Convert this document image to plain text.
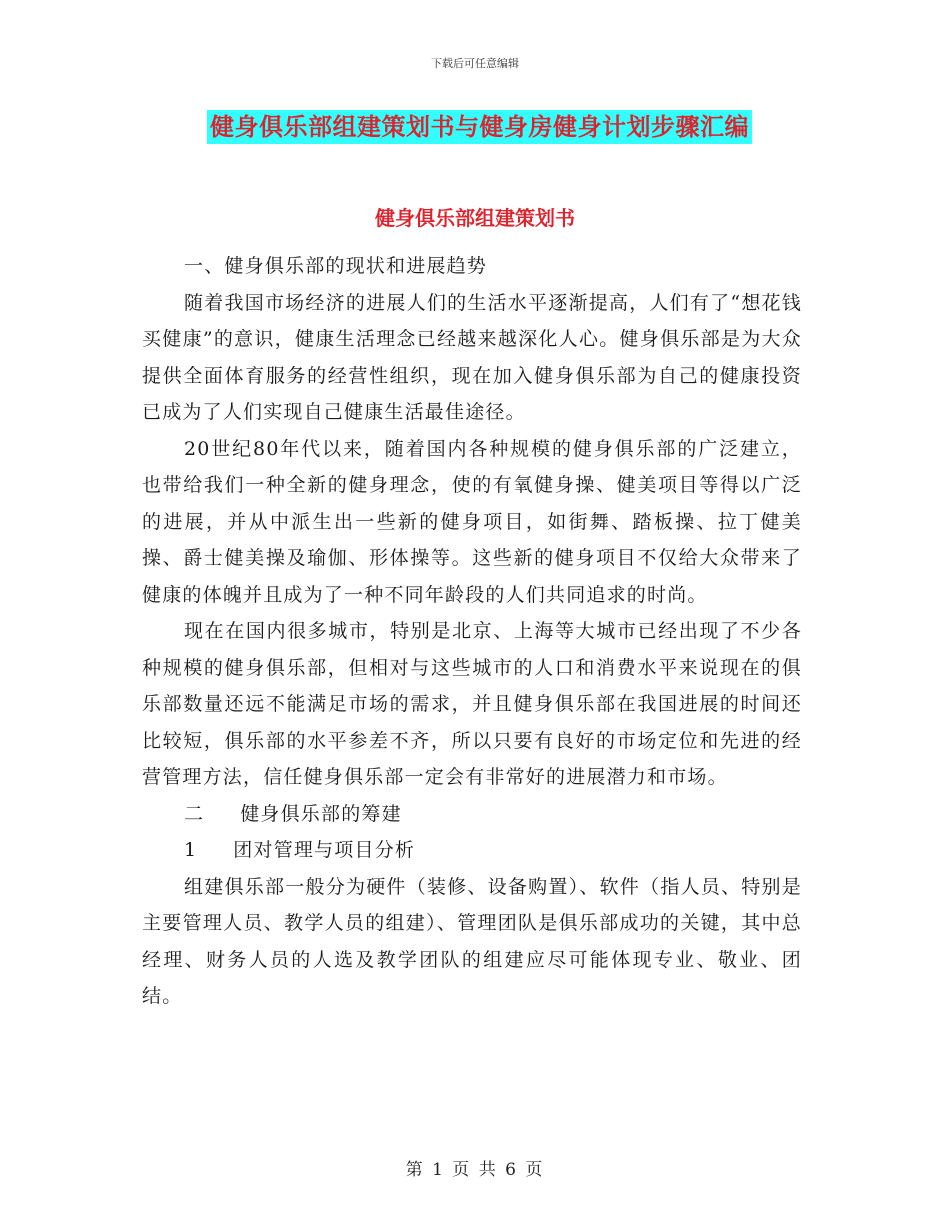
下载后可任意编辑
健身俱乐部组建策划书与健身房健身计划步骤汇编
健身俱乐部组建策划书

一、健身俱乐部的现状和进展趋势

随着我国市场经济的进展人们的生活水平逐渐提高，人们有了“想花钱买健康”的意识，健康生活理念已经越来越深化人心。健身俱乐部是为大众提供全面体育服务的经营性组织，现在加入健身俱乐部为自己的健康投资已成为了人们实现自己健康生活最佳途径。

20世纪80年代以来，随着国内各种规模的健身俱乐部的广泛建立，也带给我们一种全新的健身理念，使的有氧健身操、健美项目等得以广泛的进展，并从中派生出一些新的健身项目，如街舞、踏板操、拉丁健美操、爵士健美操及瑜伽、形体操等。这些新的健身项目不仅给大众带来了健康的体魄并且成为了一种不同年龄段的人们共同追求的时尚。

现在在国内很多城市，特别是北京、上海等大城市已经出现了不少各种规模的健身俱乐部，但相对与这些城市的人口和消费水平来说现在的俱乐部数量还远不能满足市场的需求，并且健身俱乐部在我国进展的时间还比较短，俱乐部的水平参差不齐，所以只要有良好的市场定位和先进的经营管理方法，信任健身俱乐部一定会有非常好的进展潜力和市场。

二 健身俱乐部的筹建

1 团对管理与项目分析

组建俱乐部一般分为硬件（装修、设备购置）、软件（指人员、特别是主要管理人员、教学人员的组建）、管理团队是俱乐部成功的关键，其中总经理、财务人员的人选及教学团队的组建应尽可能体现专业、敬业、团结。

第 1 页 共 6 页
